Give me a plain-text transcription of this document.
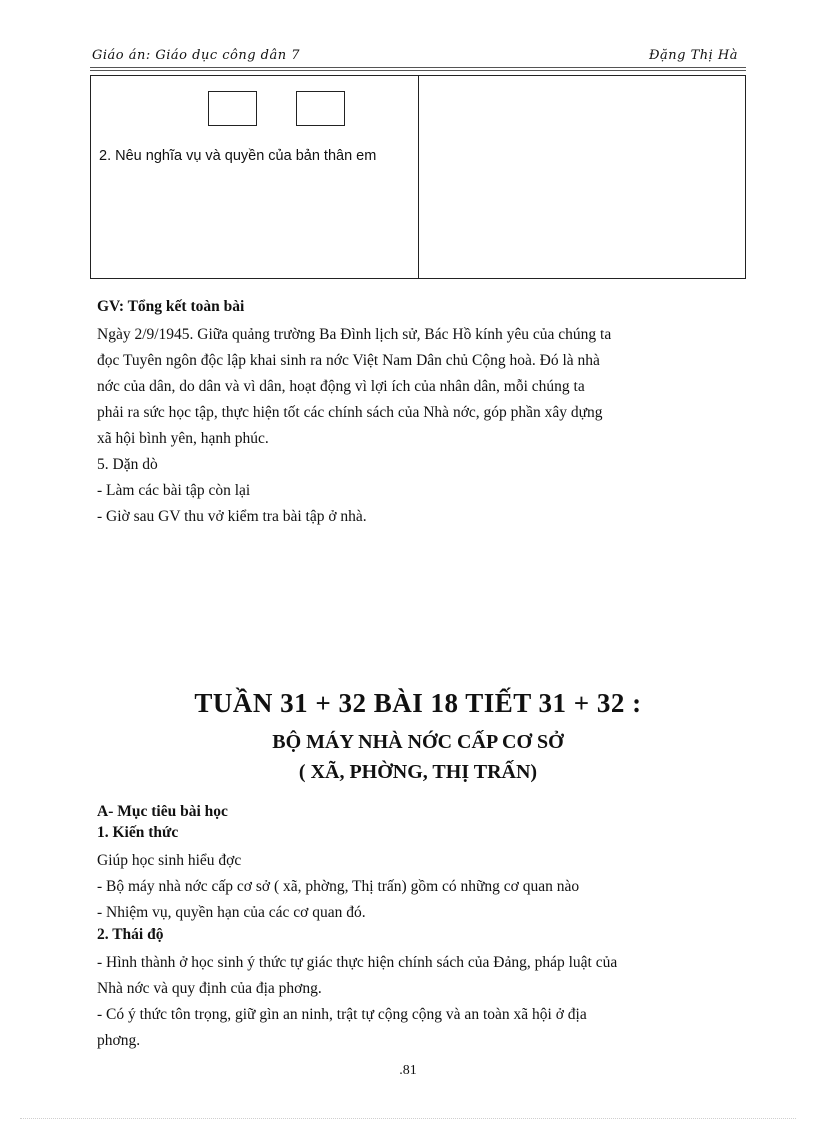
Giáo án: Giáo dục công dân 7	Đặng Thị Hà
2. Nêu nghĩa vụ và quyền của bản thân em
GV: Tổng kết toàn bài
Ngày 2/9/1945. Giữa quảng trường Ba Đình lịch sử, Bác Hồ kính yêu của chúng ta
đọc Tuyên ngôn độc lập khai sinh ra nớc Việt Nam Dân chủ Cộng hoà. Đó là nhà
nớc của dân, do dân và vì dân, hoạt động vì lợi ích của nhân dân, mỗi chúng ta
phải ra sức học tập, thực hiện tốt các chính sách của Nhà nớc, góp phần xây dựng
xã hội bình yên, hạnh phúc.
5. Dặn dò
- Làm các bài tập còn lại
- Giờ sau GV thu vở kiểm tra bài tập ở nhà.
TUẦN 31 + 32 BÀI 18 TIẾT 31 + 32 :
BỘ MÁY NHÀ NỚC CẤP CƠ SỞ
( XÃ, PHỜNG, THỊ TRẤN)
A- Mục tiêu bài học
1. Kiến thức
Giúp học sinh hiểu đợc
- Bộ máy nhà nớc cấp cơ sở ( xã, phờng, Thị trấn) gồm có những cơ quan nào
- Nhiệm vụ, quyền hạn của các cơ quan đó.
2. Thái độ
- Hình thành ở học sinh ý thức tự giác thực hiện chính sách của Đảng, pháp luật của
Nhà nớc và quy định của địa phơng.
- Có ý thức tôn trọng, giữ gìn an ninh, trật tự cộng cộng và an toàn xã hội ở địa
phơng.
.81
